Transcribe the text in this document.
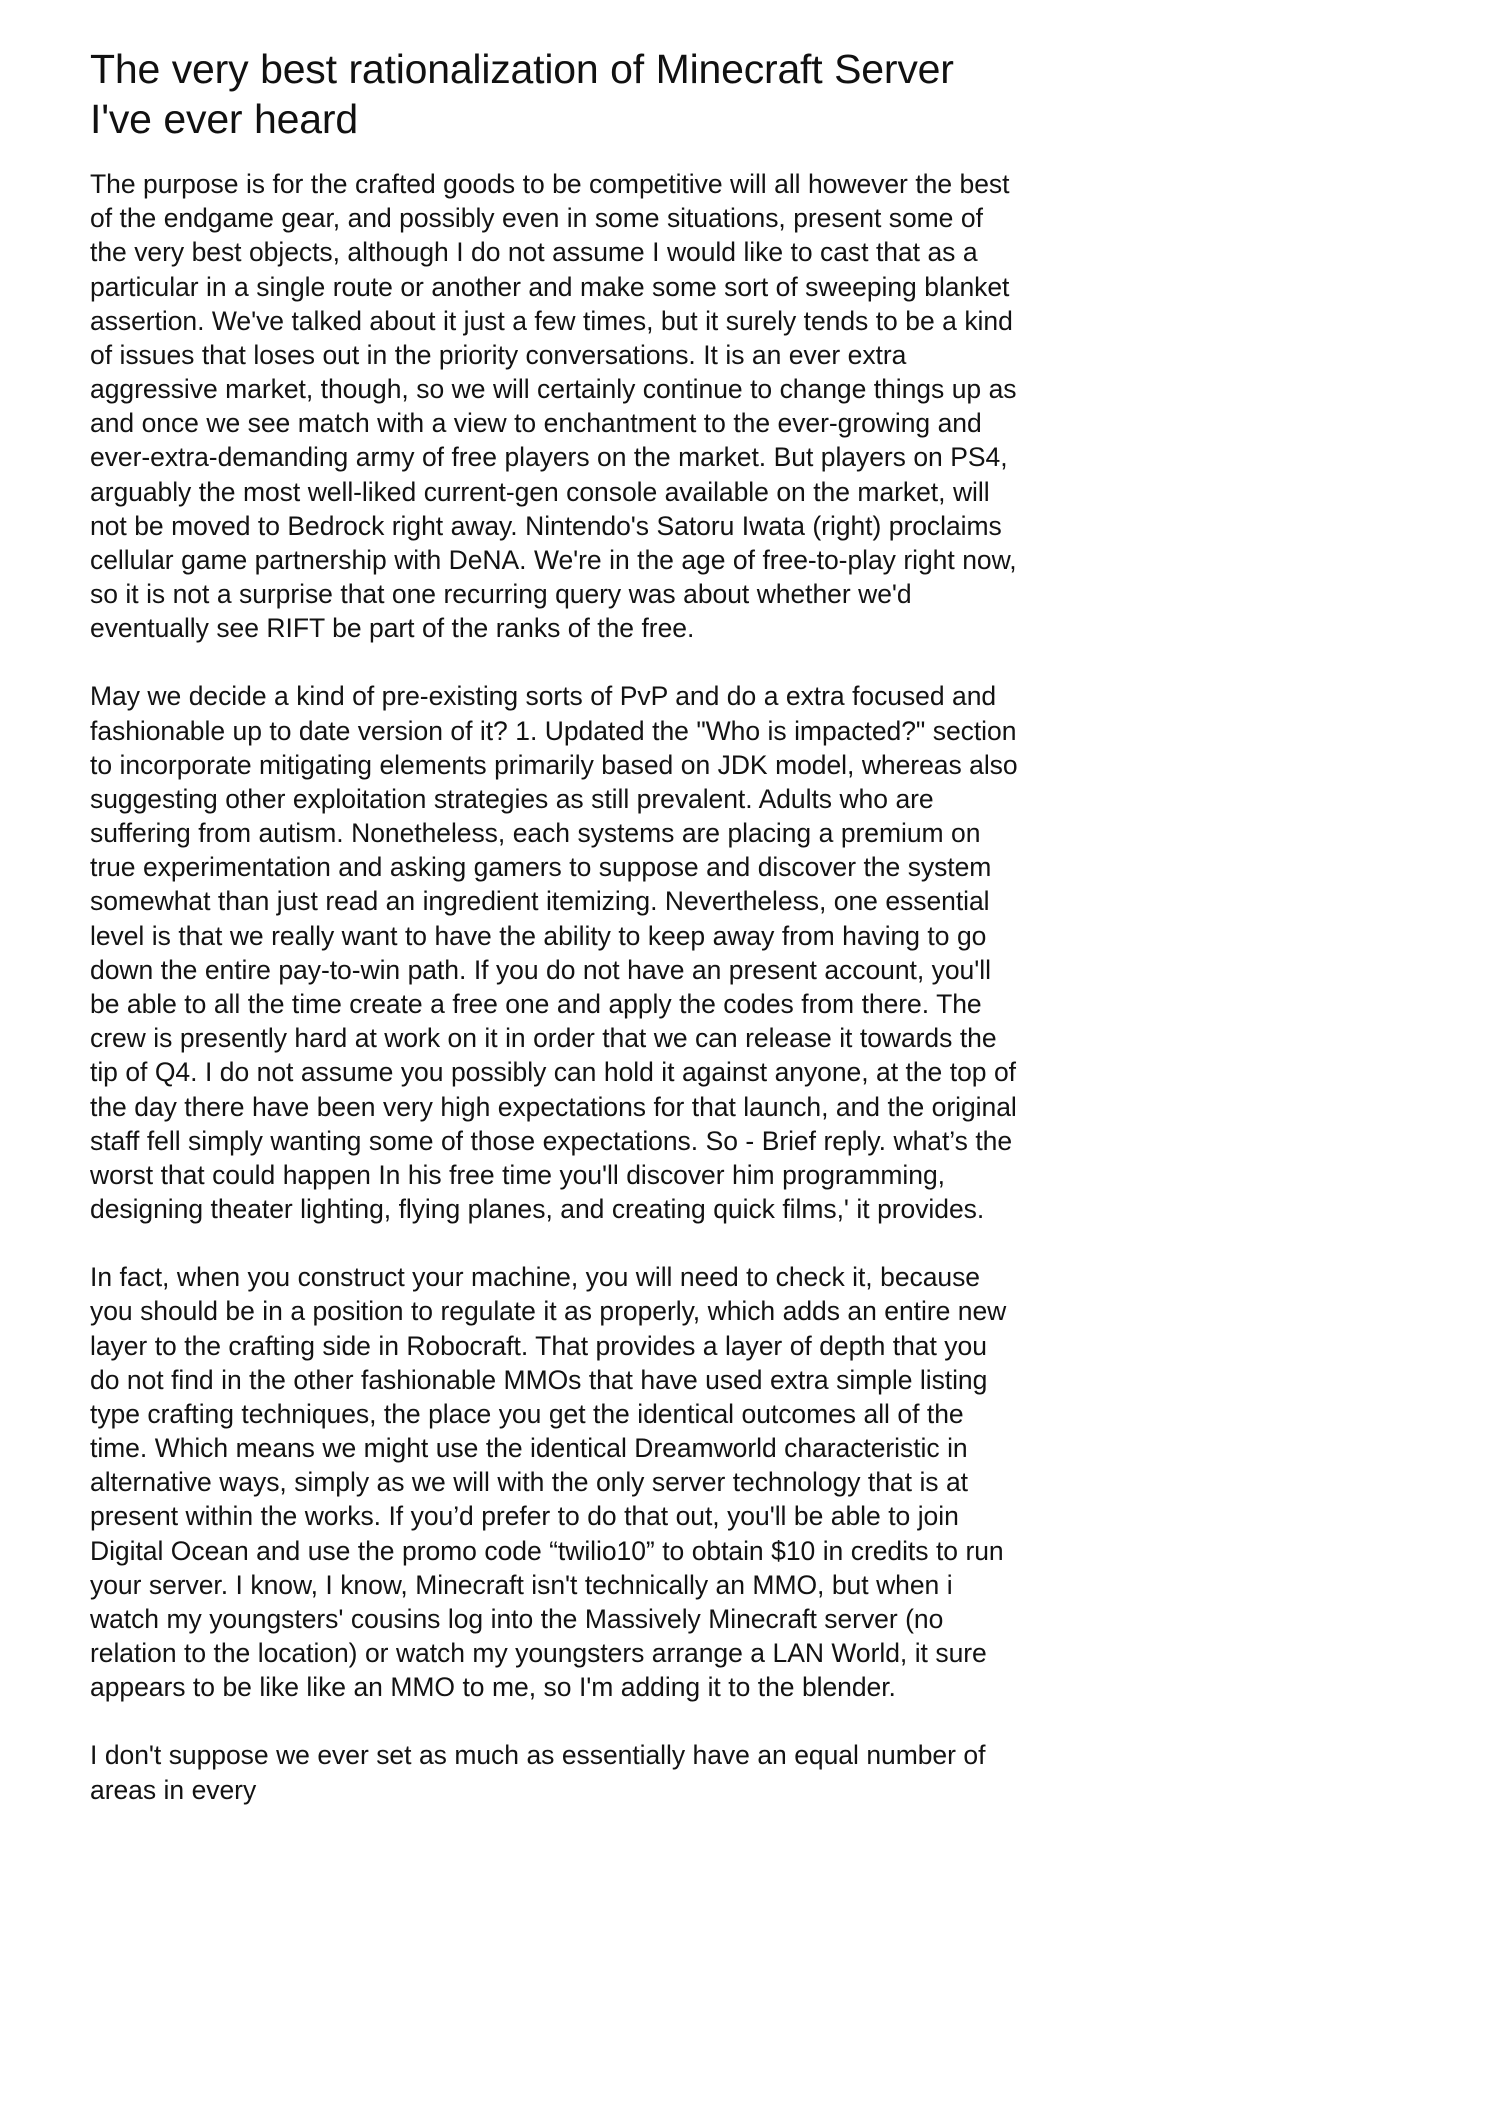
The very best rationalization of Minecraft Server I've ever heard

The purpose is for the crafted goods to be competitive will all however the best of the endgame gear, and possibly even in some situations, present some of the very best objects, although I do not assume I would like to cast that as a particular in a single route or another and make some sort of sweeping blanket assertion. We've talked about it just a few times, but it surely tends to be a kind of issues that loses out in the priority conversations. It is an ever extra aggressive market, though, so we will certainly continue to change things up as and once we see match with a view to enchantment to the ever-growing and ever-extra-demanding army of free players on the market. But players on PS4, arguably the most well-liked current-gen console available on the market, will not be moved to Bedrock right away. Nintendo's Satoru Iwata (right) proclaims cellular game partnership with DeNA. We're in the age of free-to-play right now, so it is not a surprise that one recurring query was about whether we'd eventually see RIFT be part of the ranks of the free.

May we decide a kind of pre-existing sorts of PvP and do a extra focused and fashionable up to date version of it? 1. Updated the "Who is impacted?" section to incorporate mitigating elements primarily based on JDK model, whereas also suggesting other exploitation strategies as still prevalent. Adults who are suffering from autism. Nonetheless, each systems are placing a premium on true experimentation and asking gamers to suppose and discover the system somewhat than just read an ingredient itemizing. Nevertheless, one essential level is that we really want to have the ability to keep away from having to go down the entire pay-to-win path. If you do not have an present account, you'll be able to all the time create a free one and apply the codes from there. The crew is presently hard at work on it in order that we can release it towards the tip of Q4. I do not assume you possibly can hold it against anyone, at the top of the day there have been very high expectations for that launch, and the original staff fell simply wanting some of those expectations. So - Brief reply. what’s the worst that could happen In his free time you'll discover him programming, designing theater lighting, flying planes, and creating quick films,' it provides.

In fact, when you construct your machine, you will need to check it, because you should be in a position to regulate it as properly, which adds an entire new layer to the crafting side in Robocraft. That provides a layer of depth that you do not find in the other fashionable MMOs that have used extra simple listing type crafting techniques, the place you get the identical outcomes all of the time. Which means we might use the identical Dreamworld characteristic in alternative ways, simply as we will with the only server technology that is at present within the works. If you’d prefer to do that out, you'll be able to join Digital Ocean and use the promo code “twilio10” to obtain $10 in credits to run your server. I know, I know, Minecraft isn't technically an MMO, but when i watch my youngsters' cousins log into the Massively Minecraft server (no relation to the location) or watch my youngsters arrange a LAN World, it sure appears to be like like an MMO to me, so I'm adding it to the blender.

I don't suppose we ever set as much as essentially have an equal number of areas in every
